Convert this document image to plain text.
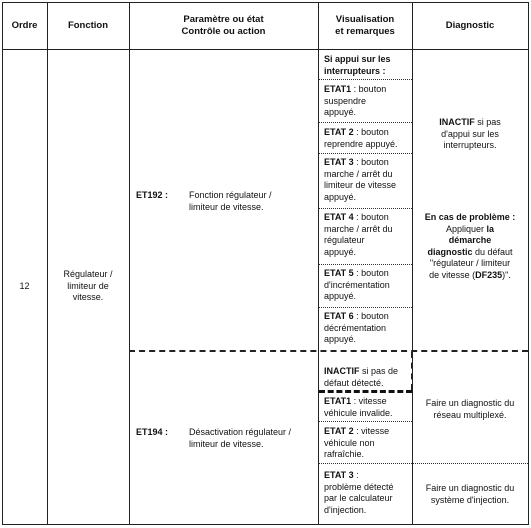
Ordre	Fonction
Paramètre ou état
Contrôle ou action
Visualisation
et remarques
Diagnostic
12
Régulateur /
limiteur de
vitesse.
ET192 : Fonction régulateur /
limiteur de vitesse.
Si appui sur les
interrupteurs :
ETAT1 : bouton
suspendre
appuyé.
ETAT 2 : bouton
reprendre appuyé.
ETAT 3 : bouton
marche / arrêt du
limiteur de vitesse
appuyé.
ETAT 4 : bouton
marche / arrêt du
régulateur
appuyé.
ETAT 5 : bouton
d'incrémentation
appuyé.
ETAT 6 : bouton
décrémentation
appuyé.
INACTIF si pas
d'appui sur les
interrupteurs.
En cas de problème :
Appliquer la
démarche
diagnostic du défaut
"régulateur / limiteur
de vitesse (DF235)".
ET194 : Désactivation régulateur /
limiteur de vitesse.
INACTIF si pas de
défaut détecté.
ETAT1 : vitesse
véhicule invalide.
ETAT 2 : vitesse
véhicule non
rafraîchie.
ETAT 3 :
problème détecté
par le calculateur
d'injection.
Faire un diagnostic du
réseau multiplexé.
Faire un diagnostic du
système d'injection.
